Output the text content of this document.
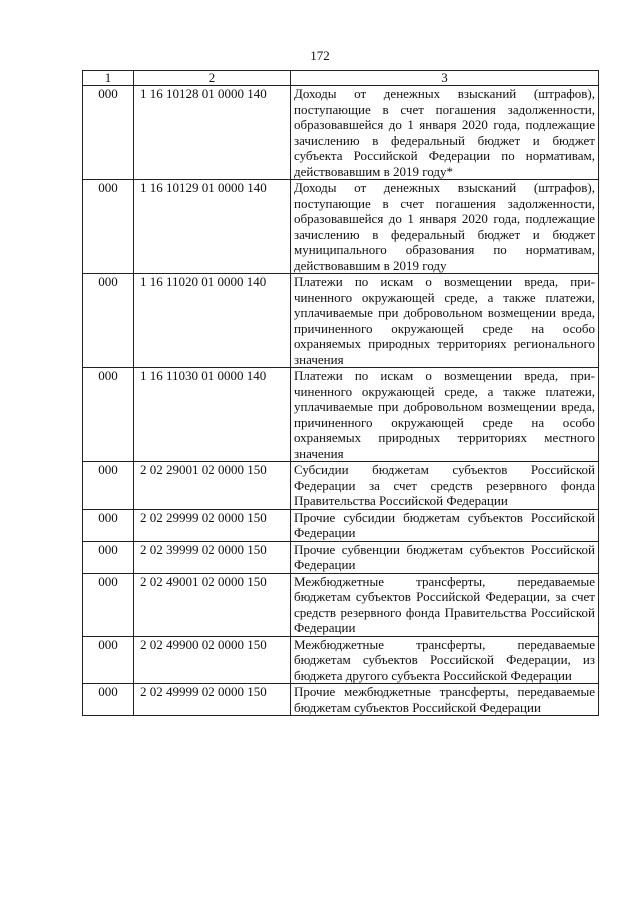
172
1	2	3
000	1 16 10128 01 0000 140	Доходы от денежных взысканий (штрафов), поступающие в счет погашения задолженности, образовавшейся до 1 января 2020 года, подлежащие зачислению в федеральный бюджет и бюджет субъекта Российской Федерации по нормативам, действовавшим в 2019 году*
000	1 16 10129 01 0000 140	Доходы от денежных взысканий (штрафов), поступающие в счет погашения задолженности, образовавшейся до 1 января 2020 года, подлежащие зачислению в федеральный бюджет и бюджет муниципального образования по нормативам, действовавшим в 2019 году
000	1 16 11020 01 0000 140	Платежи по искам о возмещении вреда, причиненного окружающей среде, а также платежи, уплачиваемые при добровольном возмещении вреда, причиненного окружающей среде на особо охраняемых природных территориях регионального значения
000	1 16 11030 01 0000 140	Платежи по искам о возмещении вреда, причиненного окружающей среде, а также платежи, уплачиваемые при добровольном возмещении вреда, причиненного окружающей среде на особо охраняемых природных территориях местного значения
000	2 02 29001 02 0000 150	Субсидии бюджетам субъектов Российской Федерации за счет средств резервного фонда Правительства Российской Федерации
000	2 02 29999 02 0000 150	Прочие субсидии бюджетам субъектов Российской Федерации
000	2 02 39999 02 0000 150	Прочие субвенции бюджетам субъектов Российской Федерации
000	2 02 49001 02 0000 150	Межбюджетные трансферты, передаваемые бюджетам субъектов Российской Федерации, за счет средств резервного фонда Правительства Российской Федерации
000	2 02 49900 02 0000 150	Межбюджетные трансферты, передаваемые бюджетам субъектов Российской Федерации, из бюджета другого субъекта Российской Федерации
000	2 02 49999 02 0000 150	Прочие межбюджетные трансферты, передаваемые бюджетам субъектов Российской Федерации
